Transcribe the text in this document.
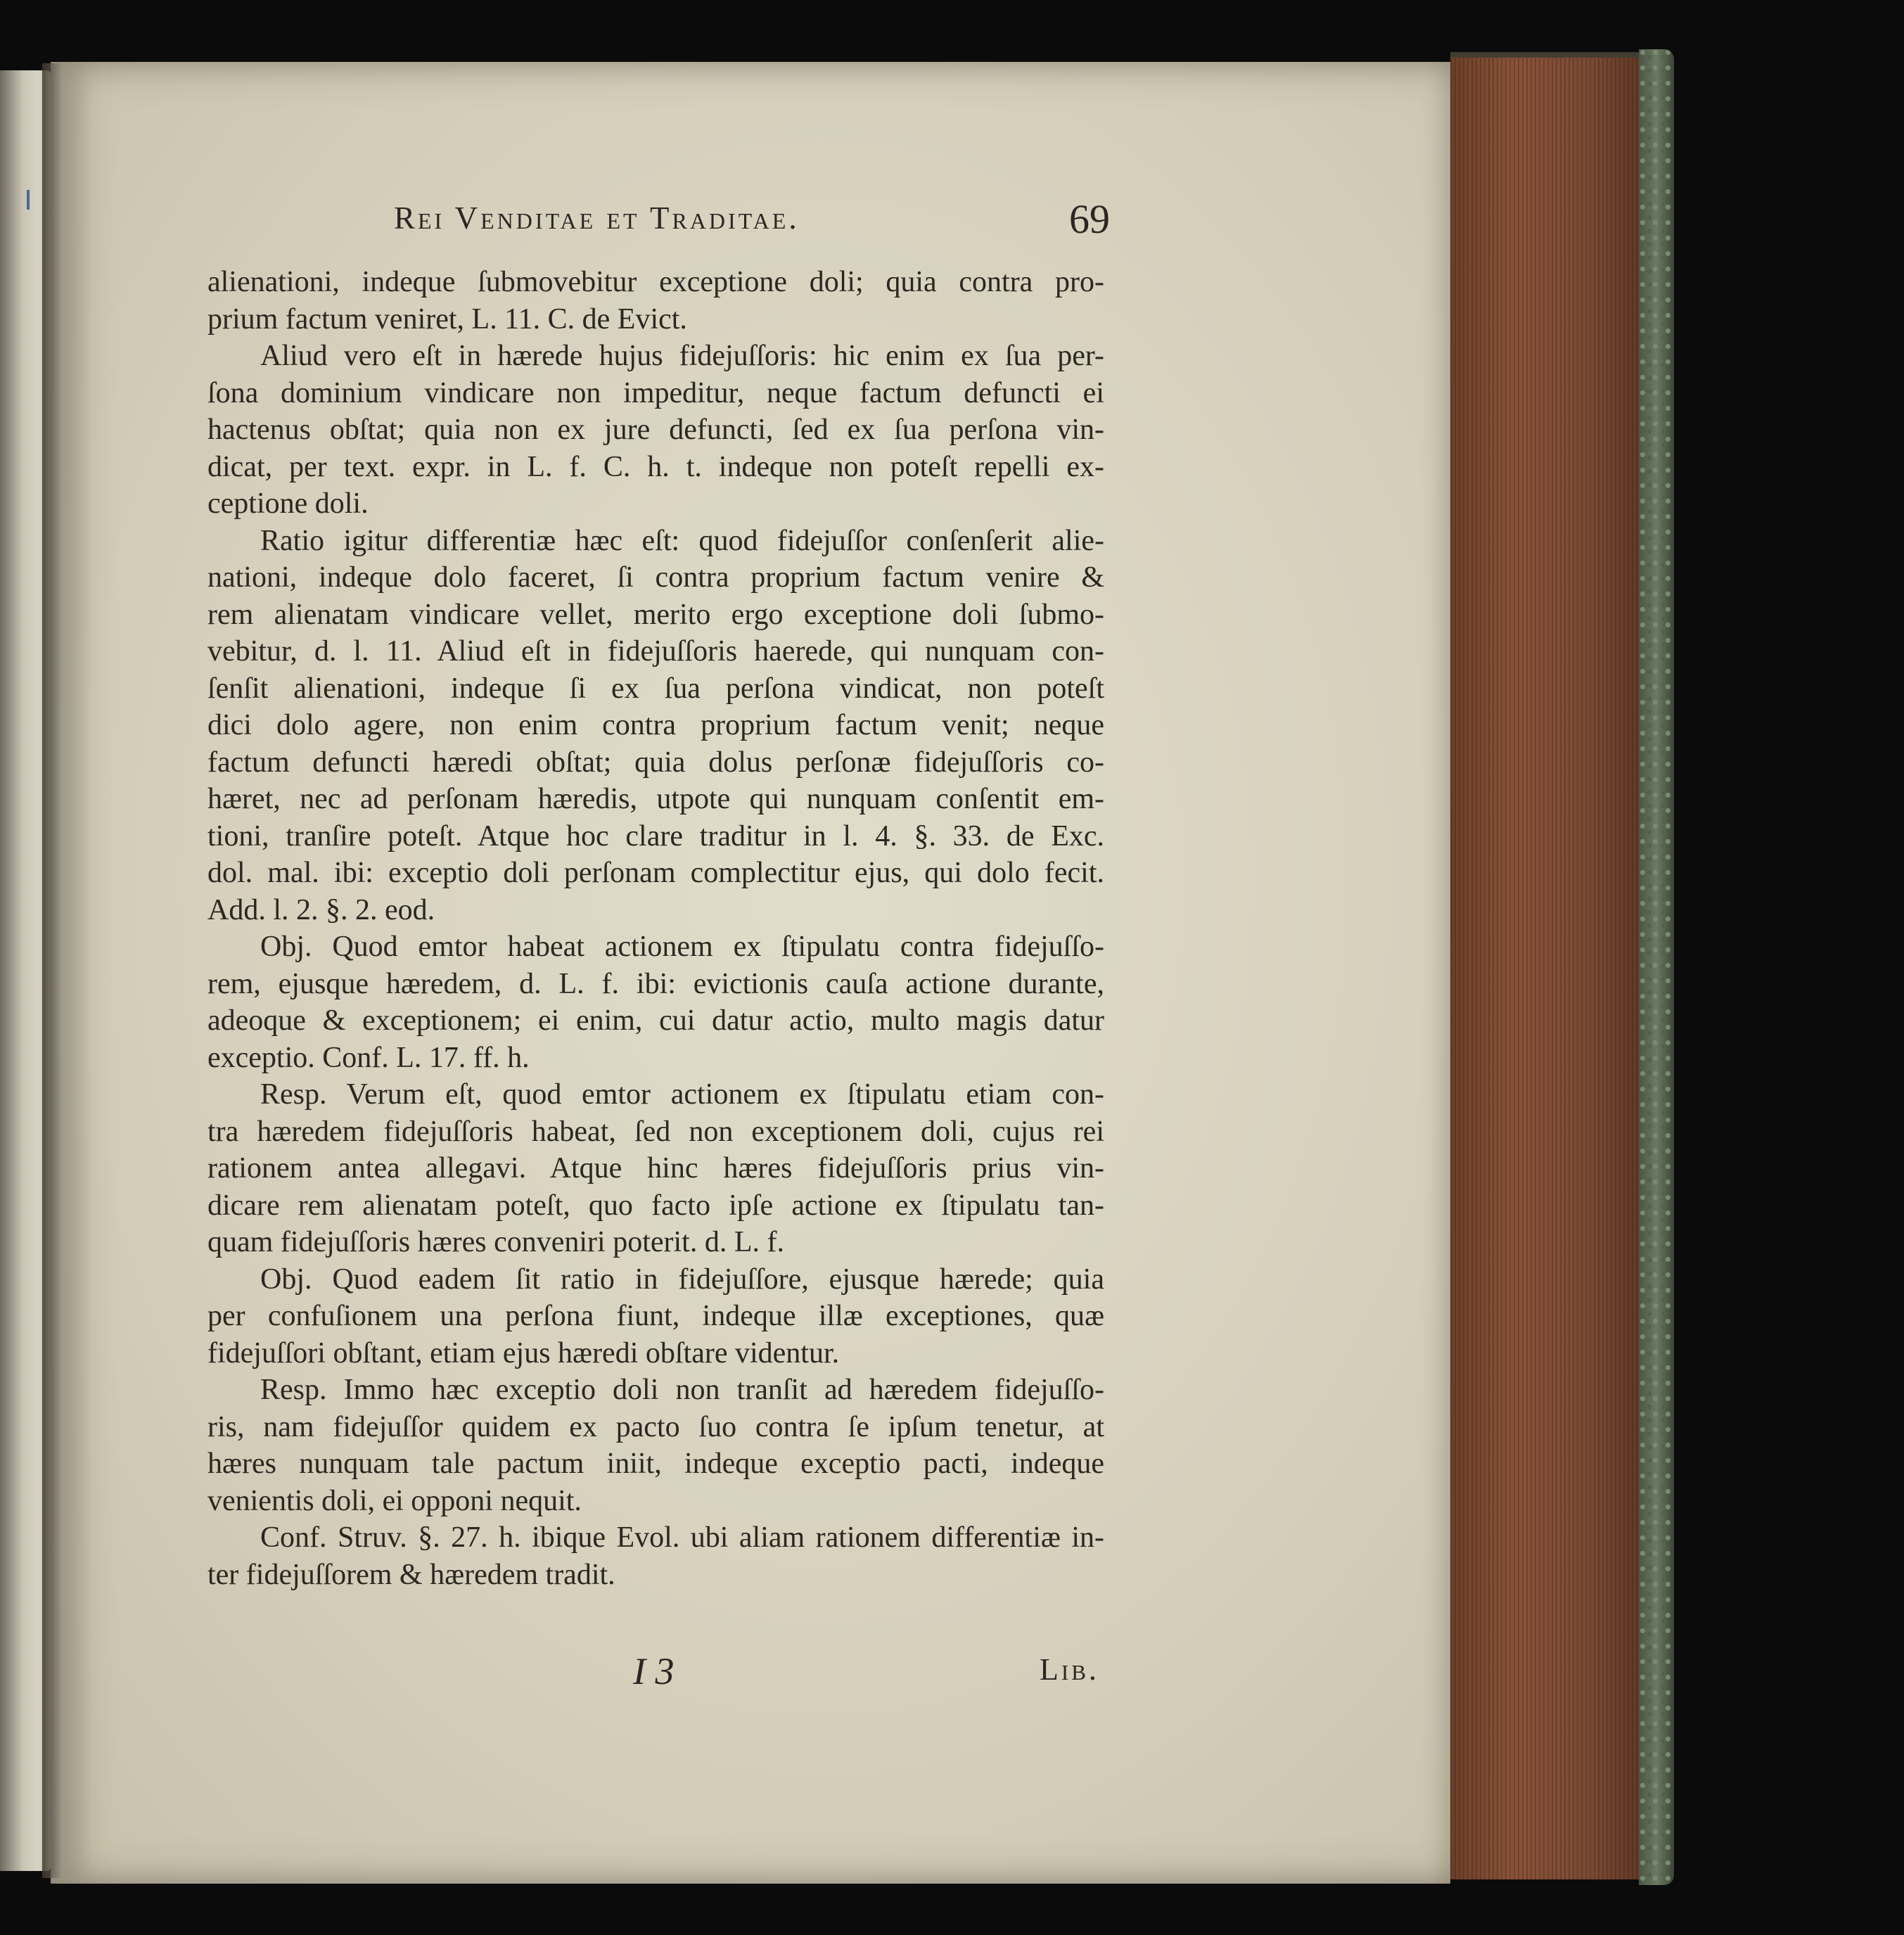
Rei Venditae et Traditae.	69
alienationi, indeque ſubmovebitur exceptione doli; quia contra pro-
prium factum veniret, L. 11. C. de Evict.
Aliud vero eſt in hærede hujus fidejuſſoris: hic enim ex ſua per-
ſona dominium vindicare non impeditur, neque factum defuncti ei
hactenus obſtat; quia non ex jure defuncti, ſed ex ſua perſona vin-
dicat, per text. expr. in L. f. C. h. t. indeque non poteſt repelli ex-
ceptione doli.
Ratio igitur differentiæ hæc eſt: quod fidejuſſor conſenſerit alie-
nationi, indeque dolo faceret, ſi contra proprium factum venire &
rem alienatam vindicare vellet, merito ergo exceptione doli ſubmo-
vebitur, d. l. 11. Aliud eſt in fidejuſſoris haerede, qui nunquam con-
ſenſit alienationi, indeque ſi ex ſua perſona vindicat, non poteſt
dici dolo agere, non enim contra proprium factum venit; neque
factum defuncti hæredi obſtat; quia dolus perſonæ fidejuſſoris co-
hæret, nec ad perſonam hæredis, utpote qui nunquam conſentit em-
tioni, tranſire poteſt. Atque hoc clare traditur in l. 4. §. 33. de Exc.
dol. mal. ibi: exceptio doli perſonam complectitur ejus, qui dolo fecit.
Add. l. 2. §. 2. eod.
Obj. Quod emtor habeat actionem ex ſtipulatu contra fidejuſſo-
rem, ejusque hæredem, d. L. f. ibi: evictionis cauſa actione durante,
adeoque & exceptionem; ei enim, cui datur actio, multo magis datur
exceptio. Conf. L. 17. ff. h.
Resp. Verum eſt, quod emtor actionem ex ſtipulatu etiam con-
tra hæredem fidejuſſoris habeat, ſed non exceptionem doli, cujus rei
rationem antea allegavi. Atque hinc hæres fidejuſſoris prius vin-
dicare rem alienatam poteſt, quo facto ipſe actione ex ſtipulatu tan-
quam fidejuſſoris hæres conveniri poterit. d. L. f.
Obj. Quod eadem ſit ratio in fidejuſſore, ejusque hærede; quia
per confuſionem una perſona fiunt, indeque illæ exceptiones, quæ
fidejuſſori obſtant, etiam ejus hæredi obſtare videntur.
Resp. Immo hæc exceptio doli non tranſit ad hæredem fidejuſſo-
ris, nam fidejuſſor quidem ex pacto ſuo contra ſe ipſum tenetur, at
hæres nunquam tale pactum iniit, indeque exceptio pacti, indeque
venientis doli, ei opponi nequit.
Conf. Struv. §. 27. h. ibique Evol. ubi aliam rationem differentiæ in-
ter fidejuſſorem & hæredem tradit.
I 3	Lib.
